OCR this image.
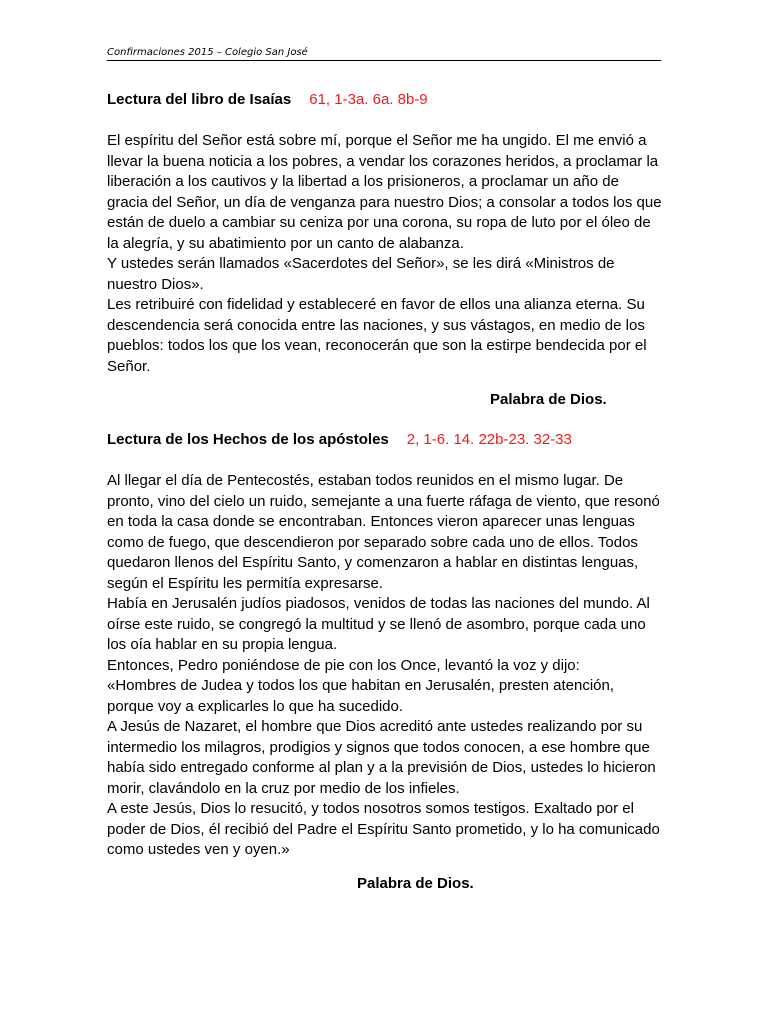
Confirmaciones 2015 – Colegio San José

Lectura del libro de Isaías 61, 1-3a. 6a. 8b-9

El espíritu del Señor está sobre mí, porque el Señor me ha ungido. El me envió a llevar la buena noticia a los pobres, a vendar los corazones heridos, a proclamar la liberación a los cautivos y la libertad a los prisioneros, a proclamar un año de gracia del Señor, un día de venganza para nuestro Dios; a consolar a todos los que están de duelo a cambiar su ceniza por una corona, su ropa de luto por el óleo de la alegría, y su abatimiento por un canto de alabanza.

Y ustedes serán llamados «Sacerdotes del Señor», se les dirá «Ministros de nuestro Dios».

Les retribuiré con fidelidad y estableceré en favor de ellos una alianza eterna. Su descendencia será conocida entre las naciones, y sus vástagos, en medio de los pueblos: todos los que los vean, reconocerán que son la estirpe bendecida por el Señor.

Palabra de Dios.

Lectura de los Hechos de los apóstoles 2, 1-6. 14. 22b-23. 32-33

Al llegar el día de Pentecostés, estaban todos reunidos en el mismo lugar. De pronto, vino del cielo un ruido, semejante a una fuerte ráfaga de viento, que resonó en toda la casa donde se encontraban. Entonces vieron aparecer unas lenguas como de fuego, que descendieron por separado sobre cada uno de ellos. Todos quedaron llenos del Espíritu Santo, y comenzaron a hablar en distintas lenguas, según el Espíritu les permitía expresarse.

Había en Jerusalén judíos piadosos, venidos de todas las naciones del mundo. Al oírse este ruido, se congregó la multitud y se llenó de asombro, porque cada uno los oía hablar en su propia lengua.

Entonces, Pedro poniéndose de pie con los Once, levantó la voz y dijo:

«Hombres de Judea y todos los que habitan en Jerusalén, presten atención, porque voy a explicarles lo que ha sucedido.

A Jesús de Nazaret, el hombre que Dios acreditó ante ustedes realizando por su intermedio los milagros, prodigios y signos que todos conocen, a ese hombre que había sido entregado conforme al plan y a la previsión de Dios, ustedes lo hicieron morir, clavándolo en la cruz por medio de los infieles.

A este Jesús, Dios lo resucitó, y todos nosotros somos testigos. Exaltado por el poder de Dios, él recibió del Padre el Espíritu Santo prometido, y lo ha comunicado como ustedes ven y oyen.»

Palabra de Dios.
